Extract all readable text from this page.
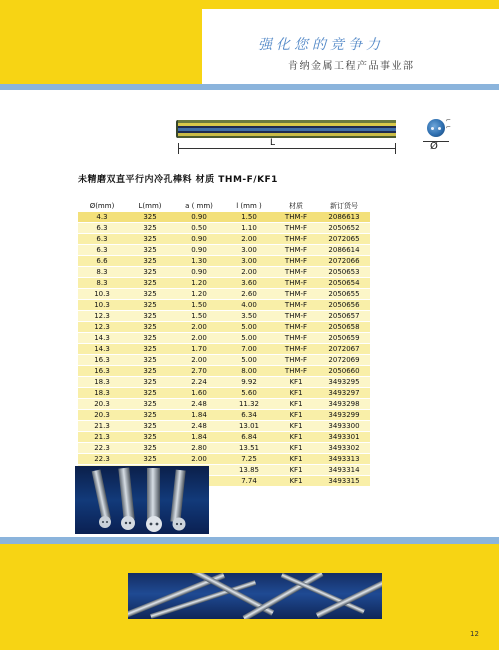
强化您的竞争力
肯纳金属工程产品事业部
L
⌐
⌐
Ø
未精磨双直平行内冷孔棒料 材质 THM-F/KF1
Ø(mm)	L(mm)	a ( mm)	l (mm )	材质	新订货号
4.3	325	0.90	1.50	THM-F	2086613
6.3	325	0.50	1.10	THM-F	2050652
6.3	325	0.90	2.00	THM-F	2072065
6.3	325	0.90	3.00	THM-F	2086614
6.6	325	1.30	3.00	THM-F	2072066
8.3	325	0.90	2.00	THM-F	2050653
8.3	325	1.20	3.60	THM-F	2050654
10.3	325	1.20	2.60	THM-F	2050655
10.3	325	1.50	4.00	THM-F	2050656
12.3	325	1.50	3.50	THM-F	2050657
12.3	325	2.00	5.00	THM-F	2050658
14.3	325	2.00	5.00	THM-F	2050659
14.3	325	1.70	7.00	THM-F	2072067
16.3	325	2.00	5.00	THM-F	2072069
16.3	325	2.70	8.00	THM-F	2050660
18.3	325	2.24	9.92	KF1	3493295
18.3	325	1.60	5.60	KF1	3493297
20.3	325	2.48	11.32	KF1	3493298
20.3	325	1.84	6.34	KF1	3493299
21.3	325	2.48	13.01	KF1	3493300
21.3	325	1.84	6.84	KF1	3493301
22.3	325	2.80	13.51	KF1	3493302
22.3	325	2.00	7.25	KF1	3493313
			13.85	KF1	3493314
			7.74	KF1	3493315
12
